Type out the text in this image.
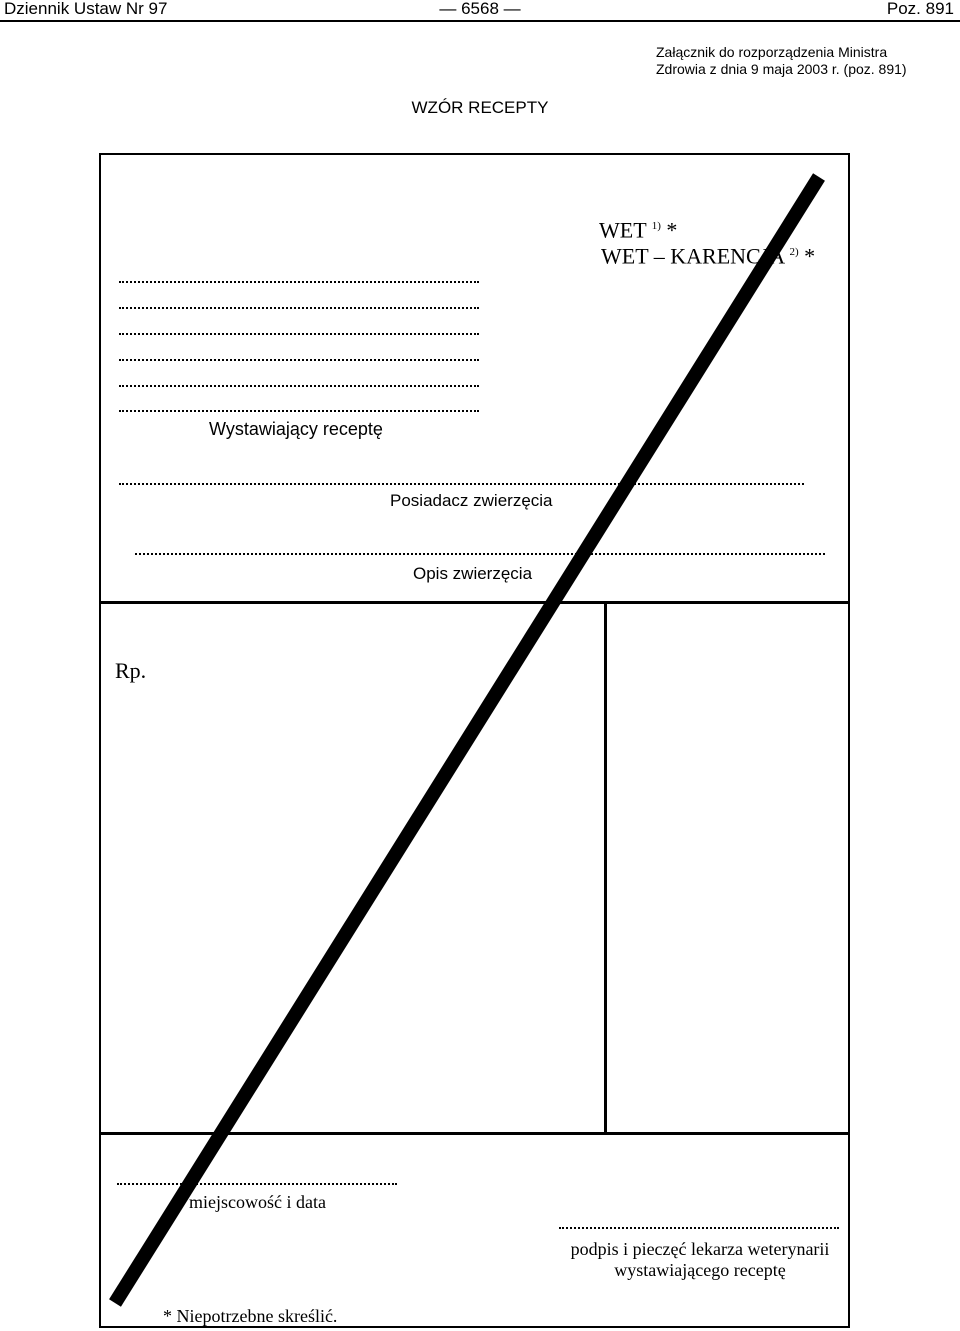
Dziennik Ustaw Nr 97	— 6568 —	Poz. 891
Załącznik do rozporządzenia Ministra
Zdrowia z dnia 9 maja 2003 r. (poz. 891)
WZÓR RECEPTY
WET $^{1)}$ *
WET – KARENCJA $^{2)}$ *
Wystawiający receptę
Posiadacz zwierzęcia
Opis zwierzęcia
Rp.
miejscowość i data
podpis i pieczęć lekarza weterynarii
wystawiającego receptę
* Niepotrzebne skreślić.
